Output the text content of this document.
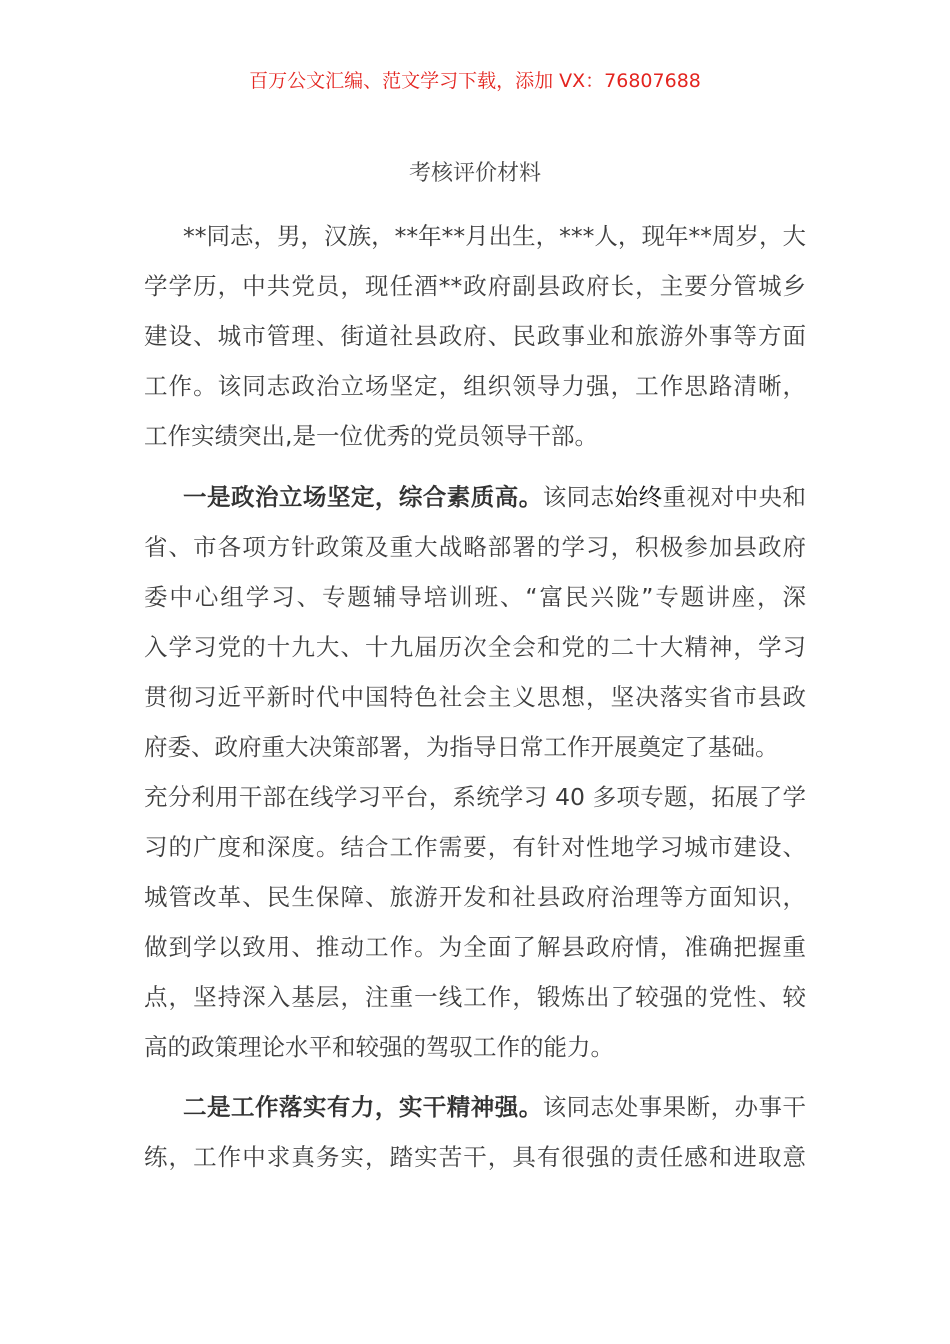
百万公文汇编、范文学习下载，添加 VX：76807688
考核评价材料
**同志，男，汉族，**年**月出生，***人，现年**周岁，大
学学历，中共党员，现任酒**政府副县政府长，主要分管城乡
建设、城市管理、街道社县政府、民政事业和旅游外事等方面
工作。该同志政治立场坚定，组织领导力强，工作思路清晰，
工作实绩突出,是一位优秀的党员领导干部。
一是政治立场坚定，综合素质高。该同志始终重视对中央和
省、市各项方针政策及重大战略部署的学习，积极参加县政府
委中心组学习、专题辅导培训班、“富民兴陇”专题讲座，深
入学习党的十九大、十九届历次全会和党的二十大精神，学习
贯彻习近平新时代中国特色社会主义思想，坚决落实省市县政
府委、政府重大决策部署，为指导日常工作开展奠定了基础。
充分利用干部在线学习平台，系统学习 40 多项专题，拓展了学
习的广度和深度。结合工作需要，有针对性地学习城市建设、
城管改革、民生保障、旅游开发和社县政府治理等方面知识，
做到学以致用、推动工作。为全面了解县政府情，准确把握重
点，坚持深入基层，注重一线工作，锻炼出了较强的党性、较
高的政策理论水平和较强的驾驭工作的能力。
二是工作落实有力，实干精神强。该同志处事果断，办事干
练，工作中求真务实，踏实苦干，具有很强的责任感和进取意
